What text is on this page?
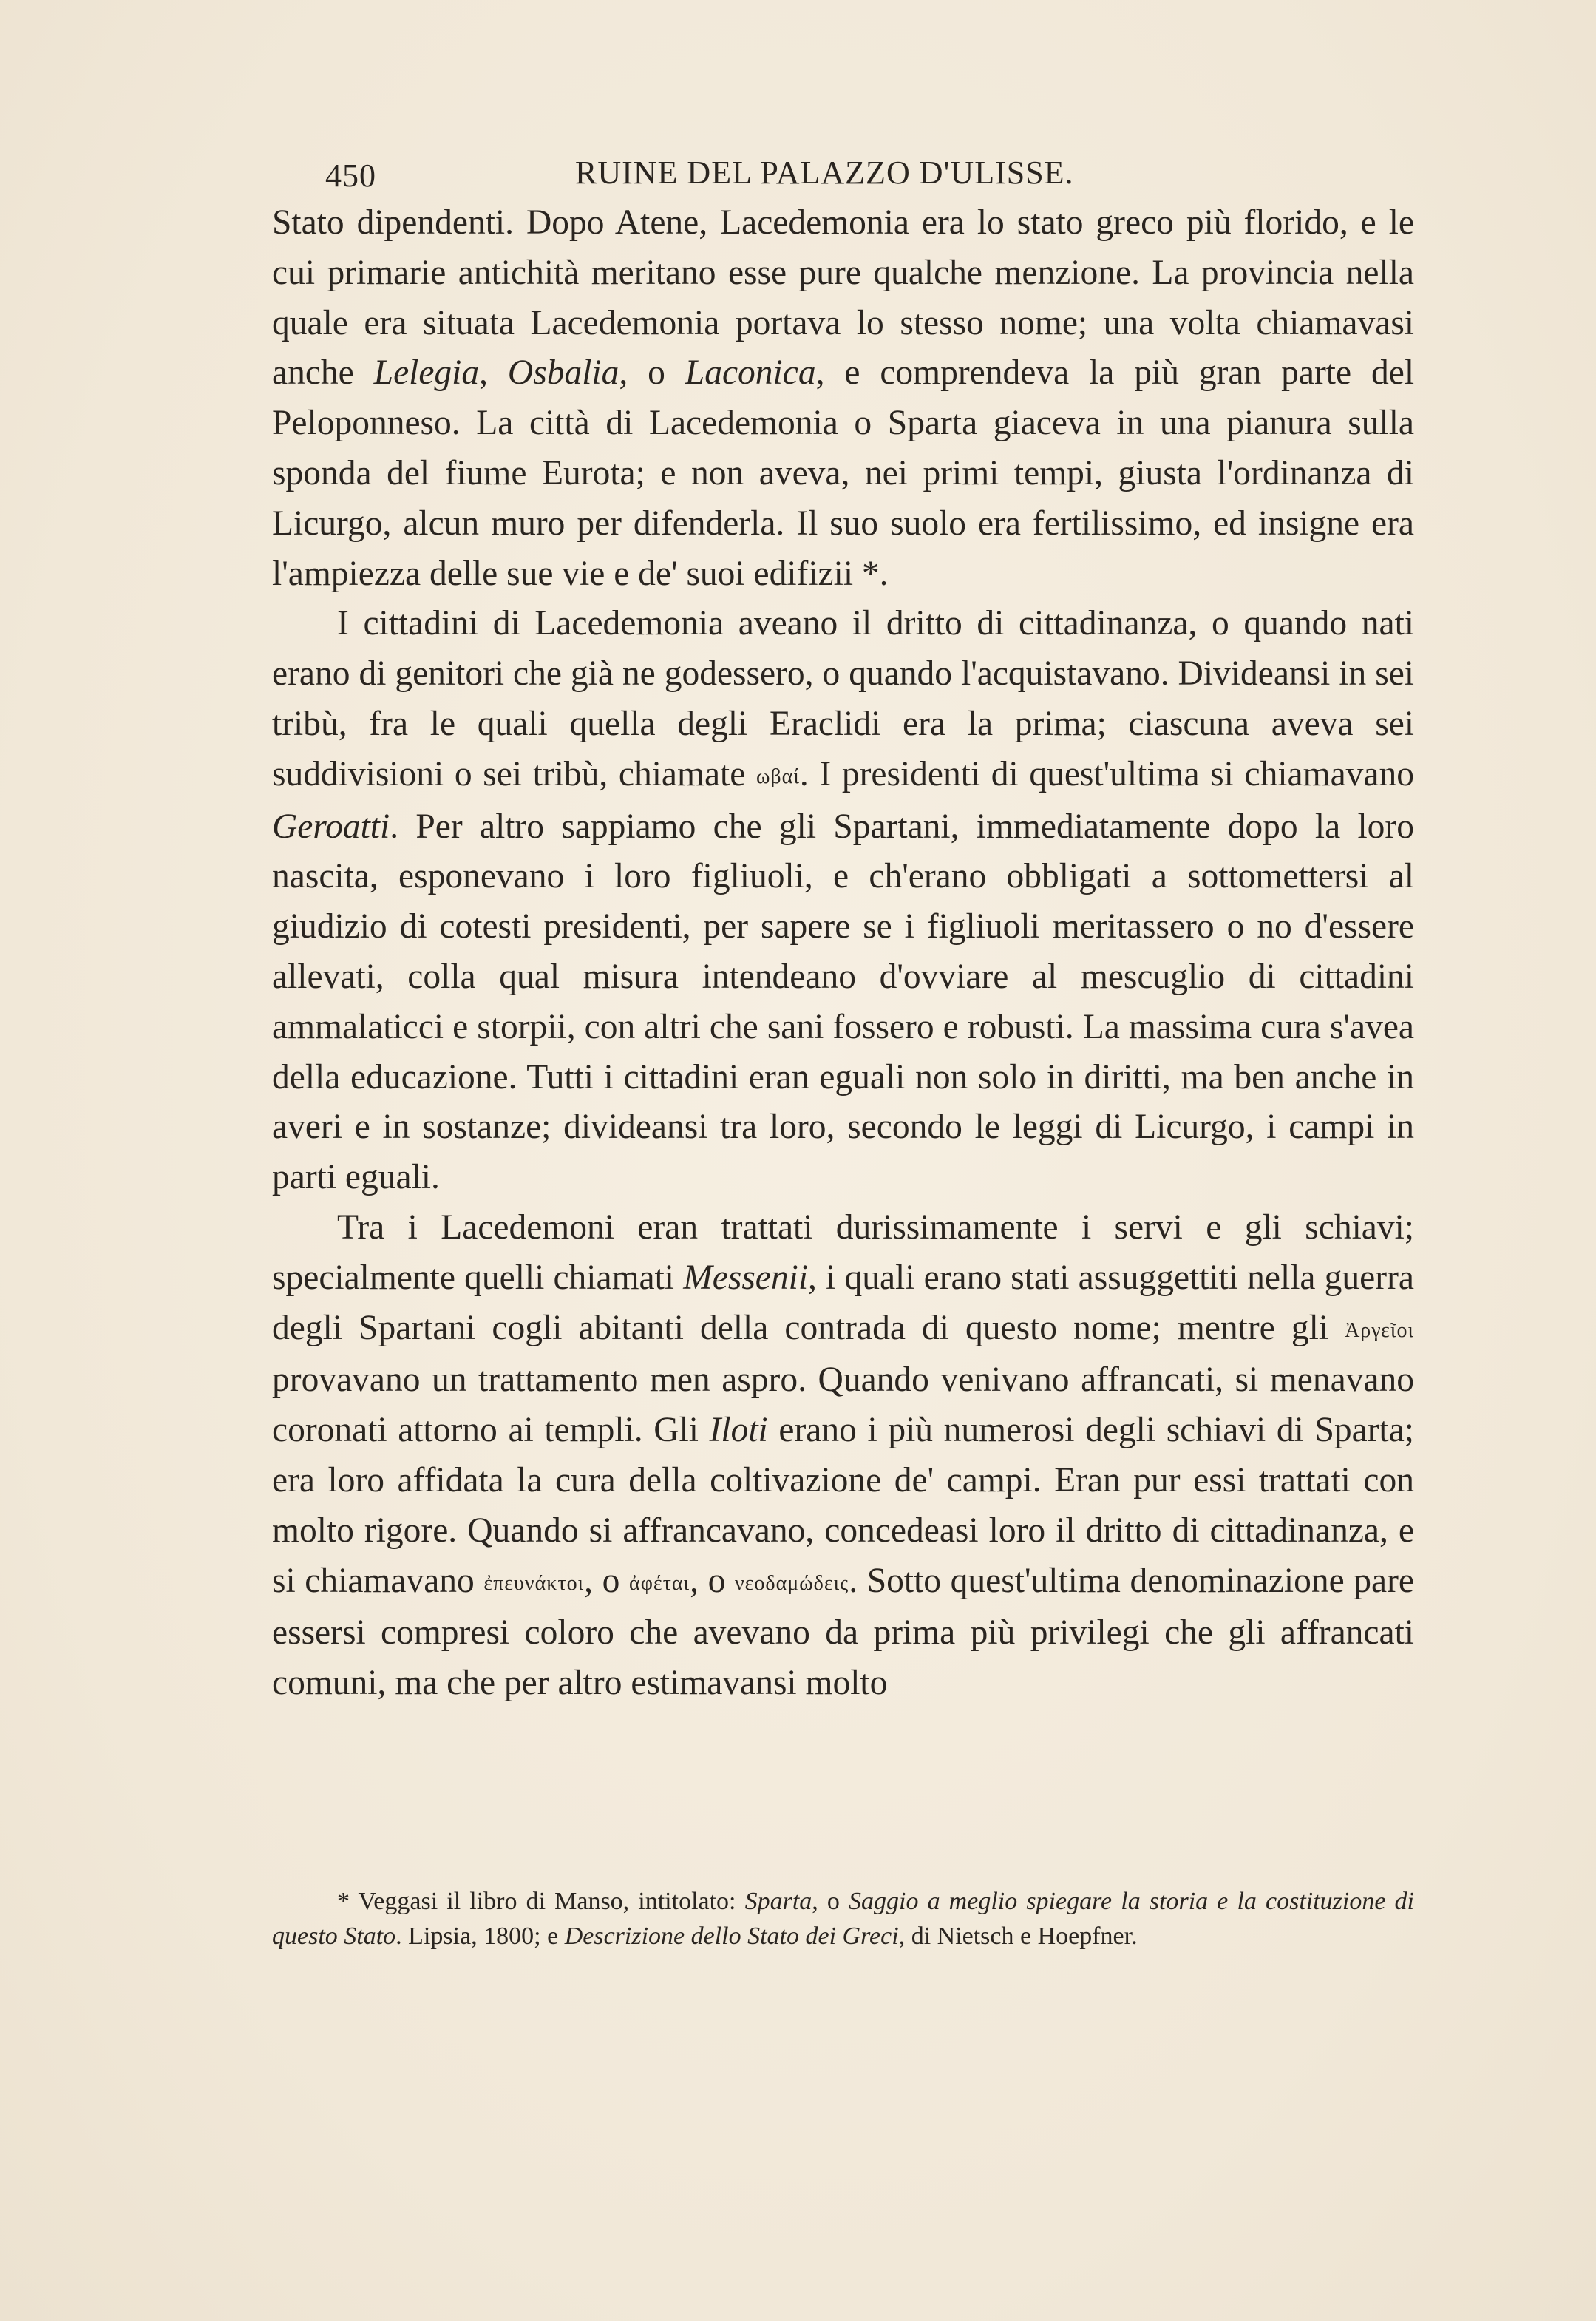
450	RUINE DEL PALAZZO D'ULISSE.

Stato dipendenti. Dopo Atene, Lacedemonia era lo stato greco più florido, e le cui primarie antichità meritano esse pure qualche menzione. La provincia nella quale era situata Lacedemonia portava lo stesso nome; una volta chiamavasi anche Lelegia, Osbalia, o Laconica, e comprendeva la più gran parte del Peloponneso. La città di Lacedemonia o Sparta giaceva in una pianura sulla sponda del fiume Eurota; e non aveva, nei primi tempi, giusta l'ordinanza di Licurgo, alcun muro per difenderla. Il suo suolo era fertilissimo, ed insigne era l'ampiezza delle sue vie e de' suoi edifizii *.

I cittadini di Lacedemonia aveano il dritto di cittadinanza, o quando nati erano di genitori che già ne godessero, o quando l'acquistavano. Divideansi in sei tribù, fra le quali quella degli Eraclidi era la prima; ciascuna aveva sei suddivisioni o sei tribù, chiamate ωβαί. I presidenti di quest'ultima si chiamavano Geroatti. Per altro sappiamo che gli Spartani, immediatamente dopo la loro nascita, esponevano i loro figliuoli, e ch'erano obbligati a sottomettersi al giudizio di cotesti presidenti, per sapere se i figliuoli meritassero o no d'essere allevati, colla qual misura intendeano d'ovviare al mescuglio di cittadini ammalaticci e storpii, con altri che sani fossero e robusti. La massima cura s'avea della educazione. Tutti i cittadini eran eguali non solo in diritti, ma ben anche in averi e in sostanze; divideansi tra loro, secondo le leggi di Licurgo, i campi in parti eguali.

Tra i Lacedemoni eran trattati durissimamente i servi e gli schiavi; specialmente quelli chiamati Messenii, i quali erano stati assuggettiti nella guerra degli Spartani cogli abitanti della contrada di questo nome; mentre gli Ἀργεῖοι provavano un trattamento men aspro. Quando venivano affrancati, si menavano coronati attorno ai templi. Gli Iloti erano i più numerosi degli schiavi di Sparta; era loro affidata la cura della coltivazione de' campi. Eran pur essi trattati con molto rigore. Quando si affrancavano, concedeasi loro il dritto di cittadinanza, e si chiamavano ἐπευνάκτοι, o ἀφέται, o νεοδαμώδεις. Sotto quest'ultima denominazione pare essersi compresi coloro che avevano da prima più privilegi che gli affrancati comuni, ma che per altro estimavansi molto

* Veggasi il libro di Manso, intitolato: Sparta, o Saggio a meglio spiegare la storia e la costituzione di questo Stato. Lipsia, 1800; e Descrizione dello Stato dei Greci, di Nietsch e Hoepfner.
